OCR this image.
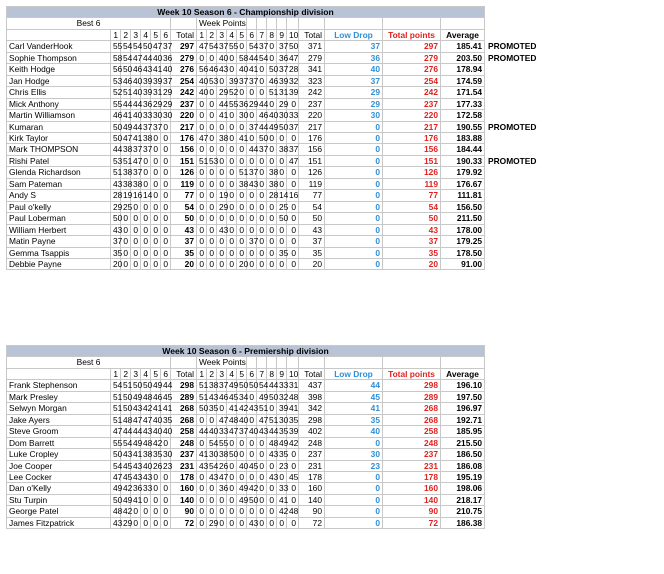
Week 10 Season 6 - Championship division																						
Best 6								Week Points														
	1	2	3	4	5	6	Total	1	2	3	4	5	6	7	8	9	10	Total	Low Drop	Total points	Average	
Carl VanderHook	55	54	54	50	47	37	297	47	54	37	55	0	54	37	0	37	50	371	37	297	185.41	PROMOTED
Sophie Thompson	58	54	47	44	40	36	279	0	0	40	0	58	44	54	0	36	47	279	36	279	203.50	PROMOTED
Keith Hodge	56	50	46	43	41	40	276	56	46	43	0	40	41	0	50	37	28	341	40	276	178.94	
Jan Hodge	53	46	40	39	39	37	254	40	53	0	39	37	37	0	46	39	32	323	37	254	174.59	
Chris Ellis	52	51	40	39	31	29	242	40	0	29	52	0	0	0	51	31	39	242	29	242	171.54	
Mick Anthony	55	44	44	36	29	29	237	0	0	44	55	36	29	44	0	29	0	237	29	237	177.33	
Martin Williamson	46	41	40	33	30	30	220	0	0	41	0	30	0	46	40	30	33	220	30	220	172.58	
Kumaran	50	49	44	37	37	0	217	0	0	0	0	0	37	44	49	50	37	217	0	217	190.55	PROMOTED
Kirk Taylor	50	47	41	38	0	0	176	47	0	38	0	41	0	50	0	0	0	176	0	176	183.88	
Mark THOMPSON	44	38	37	37	0	0	156	0	0	0	0	0	44	37	0	38	37	156	0	156	184.44	
Rishi Patel	53	51	47	0	0	0	151	51	53	0	0	0	0	0	0	0	47	151	0	151	190.33	PROMOTED
Glenda Richardson	51	38	37	0	0	0	126	0	0	0	0	51	37	0	38	0	0	126	0	126	179.92	
Sam Pateman	43	38	38	0	0	0	119	0	0	0	0	38	43	0	38	0	0	119	0	119	176.67	
Andy S	28	19	16	14	0	0	77	0	0	19	0	0	0	0	28	14	16	77	0	77	111.81	
Paul o'kelly	29	25	0	0	0	0	54	0	0	29	0	0	0	0	0	25	0	54	0	54	156.50	
Paul Loberman	50	0	0	0	0	0	50	0	0	0	0	0	0	0	0	50	0	50	0	50	211.50	
William Herbert	43	0	0	0	0	0	43	0	0	43	0	0	0	0	0	0	0	43	0	43	178.00	
Matin Payne	37	0	0	0	0	0	37	0	0	0	0	0	37	0	0	0	0	37	0	37	179.25	
Gemma Tsappis	35	0	0	0	0	0	35	0	0	0	0	0	0	0	0	35	0	35	0	35	178.50	
Debbie Payne	20	0	0	0	0	0	20	0	0	0	0	20	0	0	0	0	0	20	0	20	91.00	
Week 10 Season 6 - Premiership division																						
Best 6								Week Points														
	1	2	3	4	5	6	Total	1	2	3	4	5	6	7	8	9	10	Total	Low Drop	Total points	Average	
Frank Stephenson	54	51	50	50	49	44	298	51	38	37	49	50	50	54	44	33	31	437	44	298	196.10	
Mark Presley	51	50	49	48	46	45	289	51	43	46	45	34	0	49	50	32	48	398	45	289	197.50	
Selwyn Morgan	51	50	43	42	41	41	268	50	35	0	41	42	43	51	0	39	41	342	41	268	196.97	
Jake Ayers	51	48	47	47	40	35	268	0	0	47	48	40	0	47	51	30	35	298	35	268	192.71	
Steve Groom	47	44	44	43	40	40	258	44	40	33	47	37	40	43	44	35	39	402	40	258	185.95	
Dom Barrett	55	54	49	48	42	0	248	0	54	55	0	0	0	0	48	49	42	248	0	248	215.50	
Luke Cropley	50	43	41	38	35	30	237	41	30	38	50	0	0	0	43	35	0	237	30	237	186.50	
Joe Cooper	54	45	43	40	26	23	231	43	54	26	0	40	45	0	0	23	0	231	23	231	186.08	
Lee Cocker	47	45	43	43	0	0	178	0	43	47	0	0	0	0	43	0	45	178	0	178	195.19	
Dan o'Kelly	49	42	36	33	0	0	160	0	0	36	0	49	42	0	0	33	0	160	0	160	198.06	
Stu Turpin	50	49	41	0	0	0	140	0	0	0	0	49	50	0	0	41	0	140	0	140	218.17	
George Patel	48	42	0	0	0	0	90	0	0	0	0	0	0	0	0	42	48	90	0	90	210.75	
James Fitzpatrick	43	29	0	0	0	0	72	0	29	0	0	0	43	0	0	0	0	72	0	72	186.38	
